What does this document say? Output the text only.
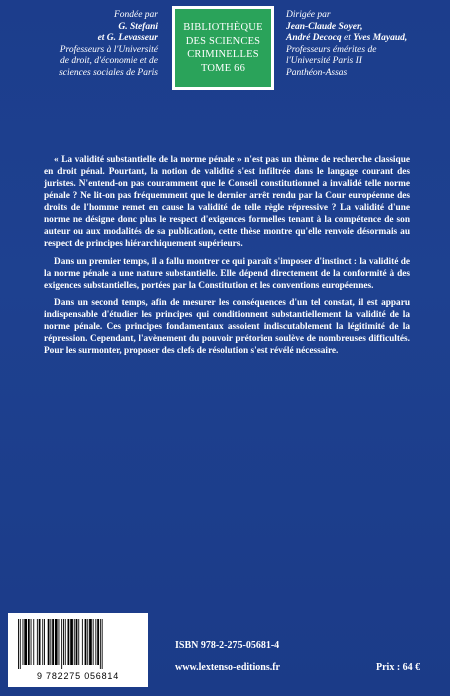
Fondée par
G. Stefani
et G. Levasseur
Professeurs à l'Université
de droit, d'économie et de
sciences sociales de Paris
BIBLIOTHÈQUE
DES SCIENCES
CRIMINELLES
TOME 66
Dirigée par
Jean-Claude Soyer,
André Decocq et Yves Mayaud,
Professeurs émérites de
l'Université Paris II
Panthéon-Assas

« La validité substantielle de la norme pénale » n'est pas un thème de recherche classique en droit pénal. Pourtant, la notion de validité s'est infiltrée dans le langage courant des juristes. N'entend-on pas couramment que le Conseil constitutionnel a invalidé telle norme pénale ? Ne lit-on pas fréquemment que le dernier arrêt rendu par la Cour européenne des droits de l'homme remet en cause la validité de telle règle répressive ? La validité d'une norme ne désigne donc plus le respect d'exigences formelles tenant à la compétence de son auteur ou aux modalités de sa publication, cette thèse montre qu'elle renvoie désormais au respect de principes hiérarchiquement supérieurs.

Dans un premier temps, il a fallu montrer ce qui paraît s'imposer d'instinct : la validité de la norme pénale a une nature substantielle. Elle dépend directement de la conformité à des exigences substantielles, portées par la Constitution et les conventions européennes.

Dans un second temps, afin de mesurer les conséquences d'un tel constat, il est apparu indispensable d'étudier les principes qui conditionnent substantiellement la validité de la norme pénale. Ces principes fondamentaux assoient indiscutablement la légitimité de la répression. Cependant, l'avènement du pouvoir prétorien soulève de nombreuses difficultés. Pour les surmonter, proposer des clefs de résolution s'est révélé nécessaire.

9 782275 056814
ISBN 978-2-275-05681-4
www.lextenso-editions.fr	Prix : 64 €
